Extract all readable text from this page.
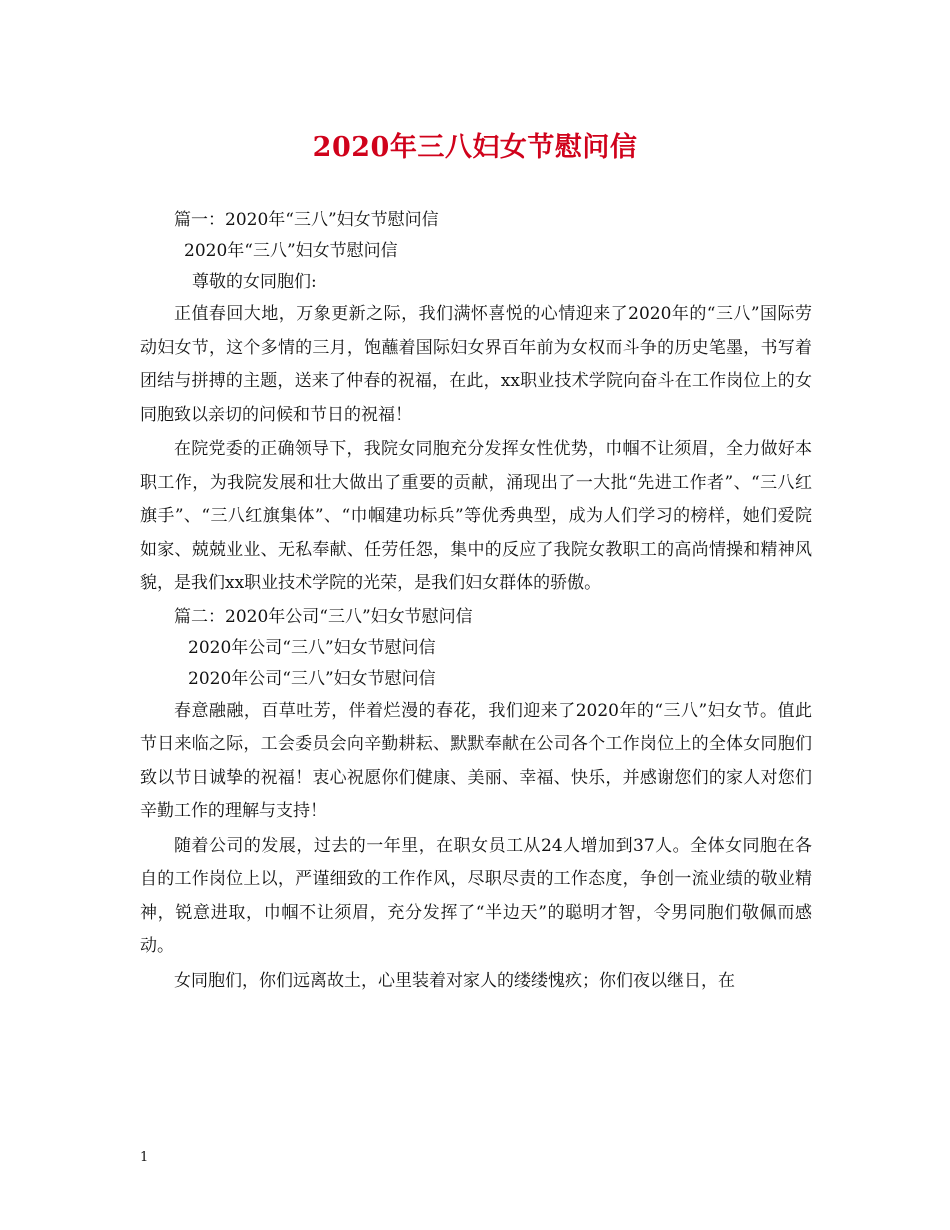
2020年三八妇女节慰问信
篇一：2020年“三八”妇女节慰问信
2020年“三八”妇女节慰问信
尊敬的女同胞们:

正值春回大地，万象更新之际，我们满怀喜悦的心情迎来了2020年的“三八”国际劳动妇女节，这个多情的三月，饱蘸着国际妇女界百年前为女权而斗争的历史笔墨，书写着团结与拼搏的主题，送来了仲春的祝福，在此，xx职业技术学院向奋斗在工作岗位上的女同胞致以亲切的问候和节日的祝福！

在院党委的正确领导下，我院女同胞充分发挥女性优势，巾帼不让须眉，全力做好本职工作，为我院发展和壮大做出了重要的贡献，涌现出了一大批“先进工作者”、“三八红旗手”、“三八红旗集体”、“巾帼建功标兵”等优秀典型，成为人们学习的榜样，她们爱院如家、兢兢业业、无私奉献、任劳任怨，集中的反应了我院女教职工的高尚情操和精神风貌，是我们xx职业技术学院的光荣，是我们妇女群体的骄傲。

篇二：2020年公司“三八”妇女节慰问信
2020年公司“三八”妇女节慰问信
2020年公司“三八”妇女节慰问信

春意融融，百草吐芳，伴着烂漫的春花，我们迎来了2020年的“三八”妇女节。值此节日来临之际，工会委员会向辛勤耕耘、默默奉献在公司各个工作岗位上的全体女同胞们致以节日诚挚的祝福！衷心祝愿你们健康、美丽、幸福、快乐，并感谢您们的家人对您们辛勤工作的理解与支持！

随着公司的发展，过去的一年里，在职女员工从24人增加到37人。全体女同胞在各自的工作岗位上以，严谨细致的工作作风，尽职尽责的工作态度，争创一流业绩的敬业精神，锐意进取，巾帼不让须眉，充分发挥了“半边天”的聪明才智，令男同胞们敬佩而感动。

女同胞们，你们远离故土，心里装着对家人的缕缕愧疚；你们夜以继日，在

1
